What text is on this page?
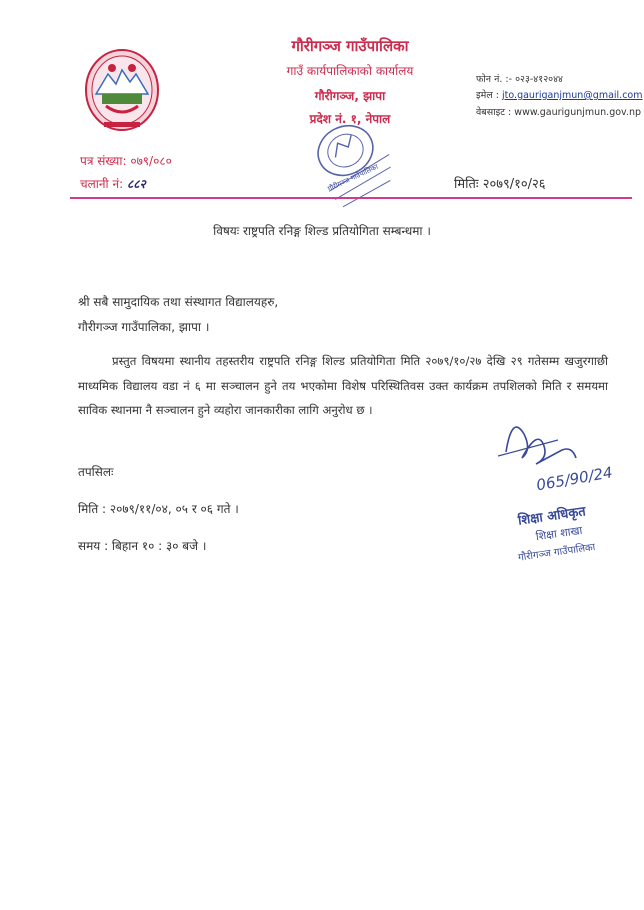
गौरीगञ्ज गाउँपालिका
गाउँ कार्यपालिकाको कार्यालय
गौरीगञ्ज, झापा
प्रदेश नं. १, नेपाल
फोन नं. :- ०२३-४१२०४४
इमेल : jto.gauriganjmun@gmail.com
वेबसाइट : www.gaurigunjmun.gov.np
गौरीगञ्ज गाउँपालिका
पत्र संख्या: ०७९/०८०
चलानी नं: ८८२	मितिः २०७९/१०/२६
विषयः राष्ट्रपति रनिङ्ग शिल्ड प्रतियोगिता सम्बन्धमा ।
श्री सबै सामुदायिक तथा संस्थागत विद्यालयहरु,
गौरीगञ्ज गाउँपालिका, झापा ।
प्रस्तुत विषयमा स्थानीय तहस्तरीय राष्ट्रपति रनिङ्ग शिल्ड प्रतियोगिता मिति २०७९/१०/२७ देखि २९ गतेसम्म खजुरगाछी माध्यमिक विद्यालय वडा नं ६ मा सञ्चालन हुने तय भएकोमा विशेष परिस्थितिवस उक्त कार्यक्रम तपशिलको मिति र समयमा साविक स्थानमा नै सञ्चालन हुने व्यहोरा जानकारीका लागि अनुरोध छ ।
तपसिलः
मिति : २०७९/११/०४, ०५ र ०६ गते ।
समय : बिहान १० : ३० बजे ।
065/90/24
शिक्षा अधिकृत
शिक्षा शाखा
गौरीगञ्ज गाउँपालिका
